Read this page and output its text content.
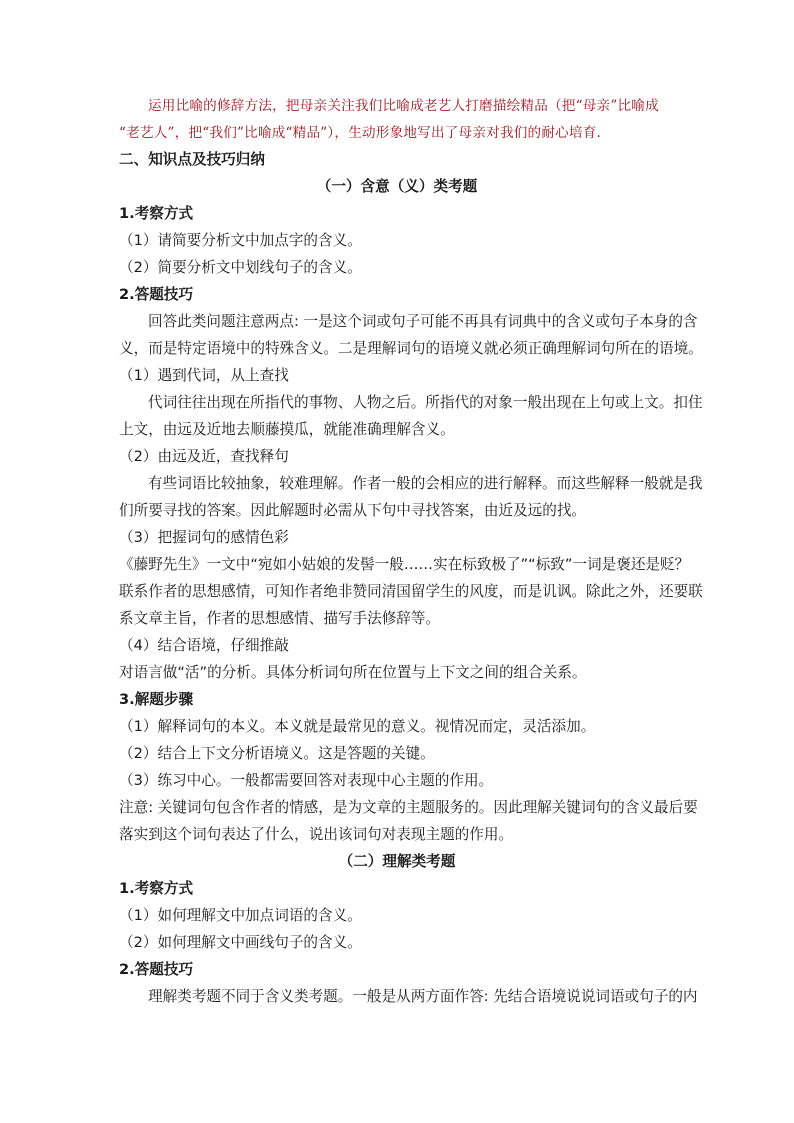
运用比喻的修辞方法，把母亲关注我们比喻成老艺人打磨描绘精品（把“母亲”比喻成
“老艺人”，把“我们”比喻成“精品”），生动形象地写出了母亲对我们的耐心培育.
二、知识点及技巧归纳
（一）含意（义）类考题
1.考察方式
（1）请简要分析文中加点字的含义。
（2）简要分析文中划线句子的含义。
2.答题技巧
回答此类问题注意两点: 一是这个词或句子可能不再具有词典中的含义或句子本身的含
义，而是特定语境中的特殊含义。二是理解词句的语境义就必须正确理解词句所在的语境。
（1）遇到代词，从上查找
代词往往出现在所指代的事物、人物之后。所指代的对象一般出现在上句或上文。扣住
上文，由远及近地去顺藤摸瓜，就能准确理解含义。
（2）由远及近，查找释句
有些词语比较抽象，较难理解。作者一般的会相应的进行解释。而这些解释一般就是我
们所要寻找的答案。因此解题时必需从下句中寻找答案，由近及远的找。
（3）把握词句的感情色彩
《藤野先生》一文中“宛如小姑娘的发髻一般……实在标致极了”“标致”一词是褒还是贬？
联系作者的思想感情，可知作者绝非赞同清国留学生的风度，而是讥讽。除此之外，还要联
系文章主旨，作者的思想感情、描写手法修辞等。
（4）结合语境，仔细推敲
对语言做“活”的分析。具体分析词句所在位置与上下文之间的组合关系。
3.解题步骤
（1）解释词句的本义。本义就是最常见的意义。视情况而定，灵活添加。
（2）结合上下文分析语境义。这是答题的关键。
（3）练习中心。一般都需要回答对表现中心主题的作用。
注意: 关键词句包含作者的情感，是为文章的主题服务的。因此理解关键词句的含义最后要
落实到这个词句表达了什么，说出该词句对表现主题的作用。
（二）理解类考题
1.考察方式
（1）如何理解文中加点词语的含义。
（2）如何理解文中画线句子的含义。
2.答题技巧
理解类考题不同于含义类考题。一般是从两方面作答: 先结合语境说说词语或句子的内
